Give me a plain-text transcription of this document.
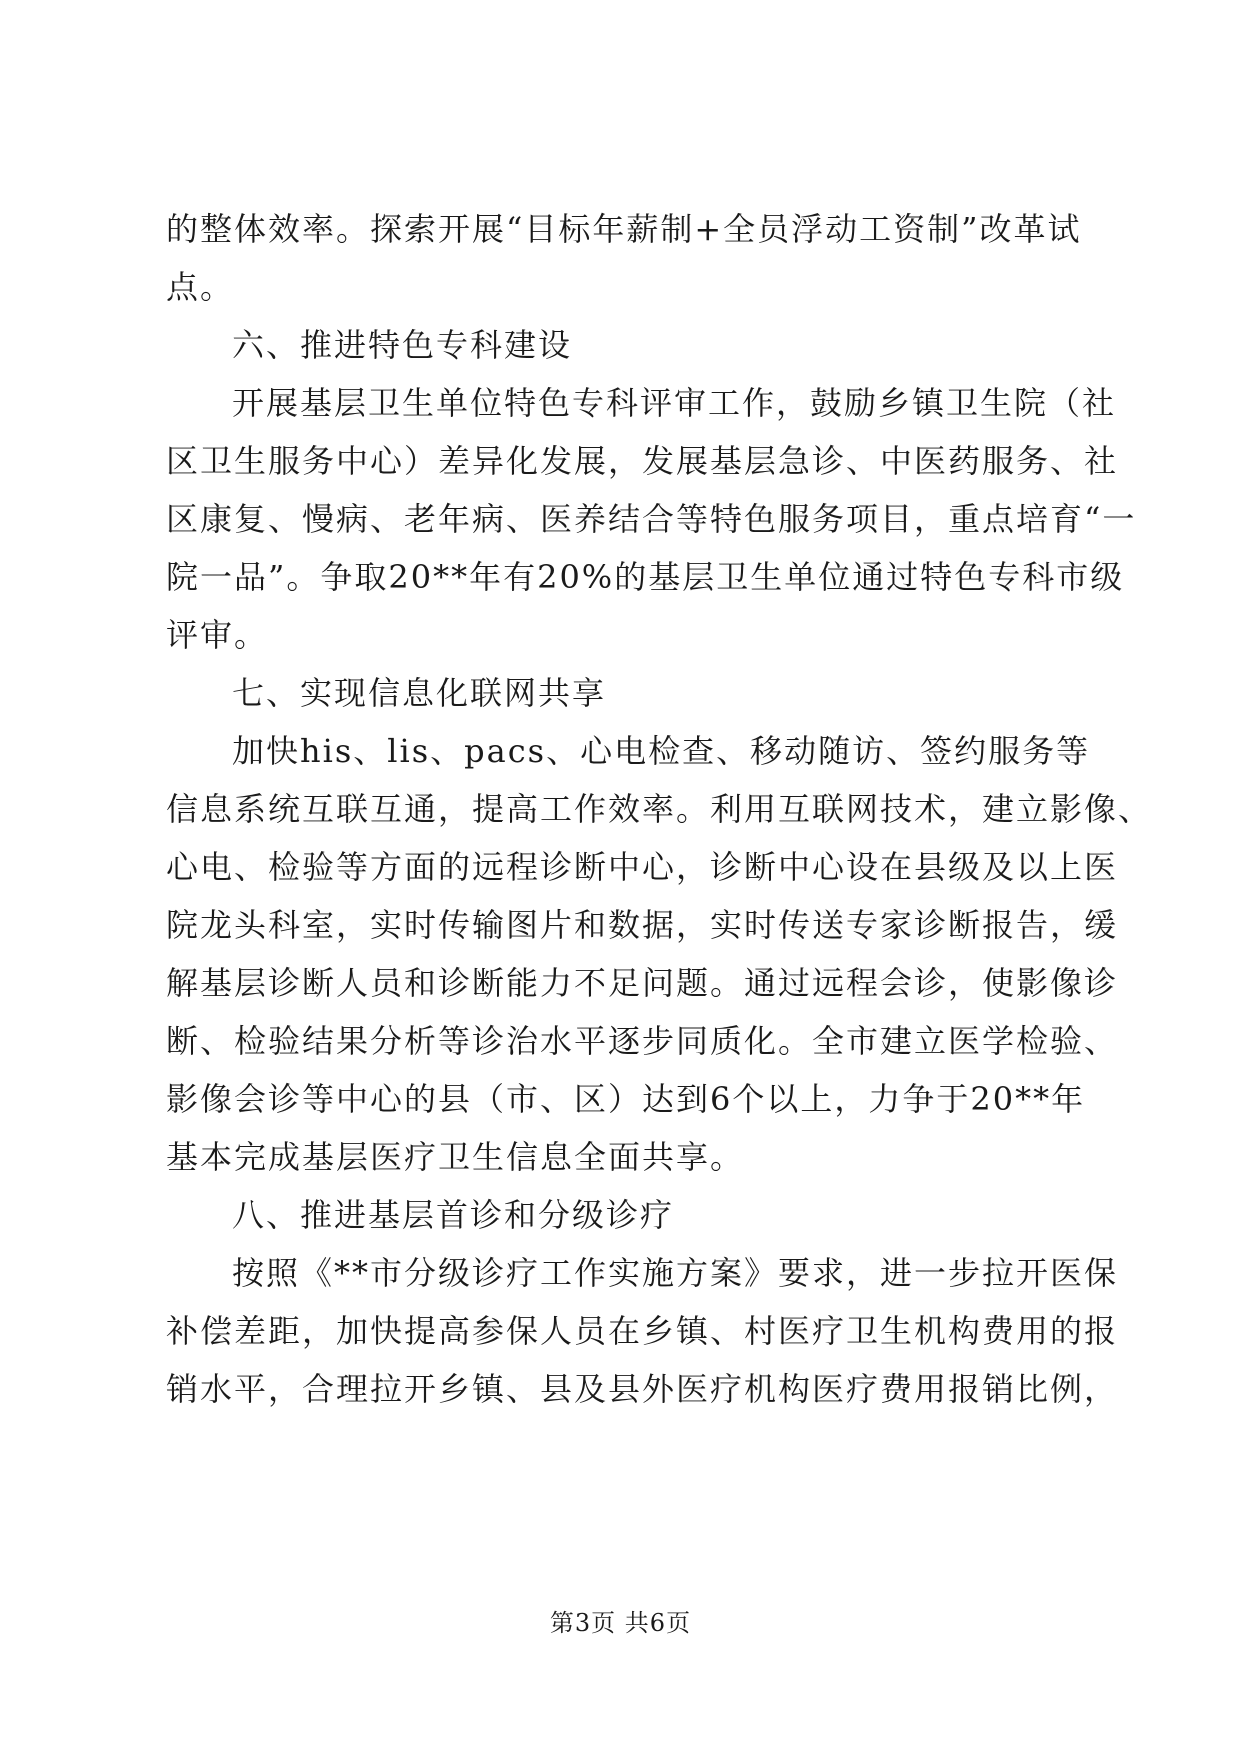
的整体效率。探索开展“目标年薪制+全员浮动工资制”改革试
点。
六、推进特色专科建设
开展基层卫生单位特色专科评审工作，鼓励乡镇卫生院（社
区卫生服务中心）差异化发展，发展基层急诊、中医药服务、社
区康复、慢病、老年病、医养结合等特色服务项目，重点培育“一
院一品”。争取20**年有20%的基层卫生单位通过特色专科市级
评审。
七、实现信息化联网共享
加快his、lis、pacs、心电检查、移动随访、签约服务等
信息系统互联互通，提高工作效率。利用互联网技术，建立影像、
心电、检验等方面的远程诊断中心，诊断中心设在县级及以上医
院龙头科室，实时传输图片和数据，实时传送专家诊断报告，缓
解基层诊断人员和诊断能力不足问题。通过远程会诊，使影像诊
断、检验结果分析等诊治水平逐步同质化。全市建立医学检验、
影像会诊等中心的县（市、区）达到6个以上，力争于20**年
基本完成基层医疗卫生信息全面共享。
八、推进基层首诊和分级诊疗
按照《**市分级诊疗工作实施方案》要求，进一步拉开医保
补偿差距，加快提高参保人员在乡镇、村医疗卫生机构费用的报
销水平，合理拉开乡镇、县及县外医疗机构医疗费用报销比例，
第3页 共6页
